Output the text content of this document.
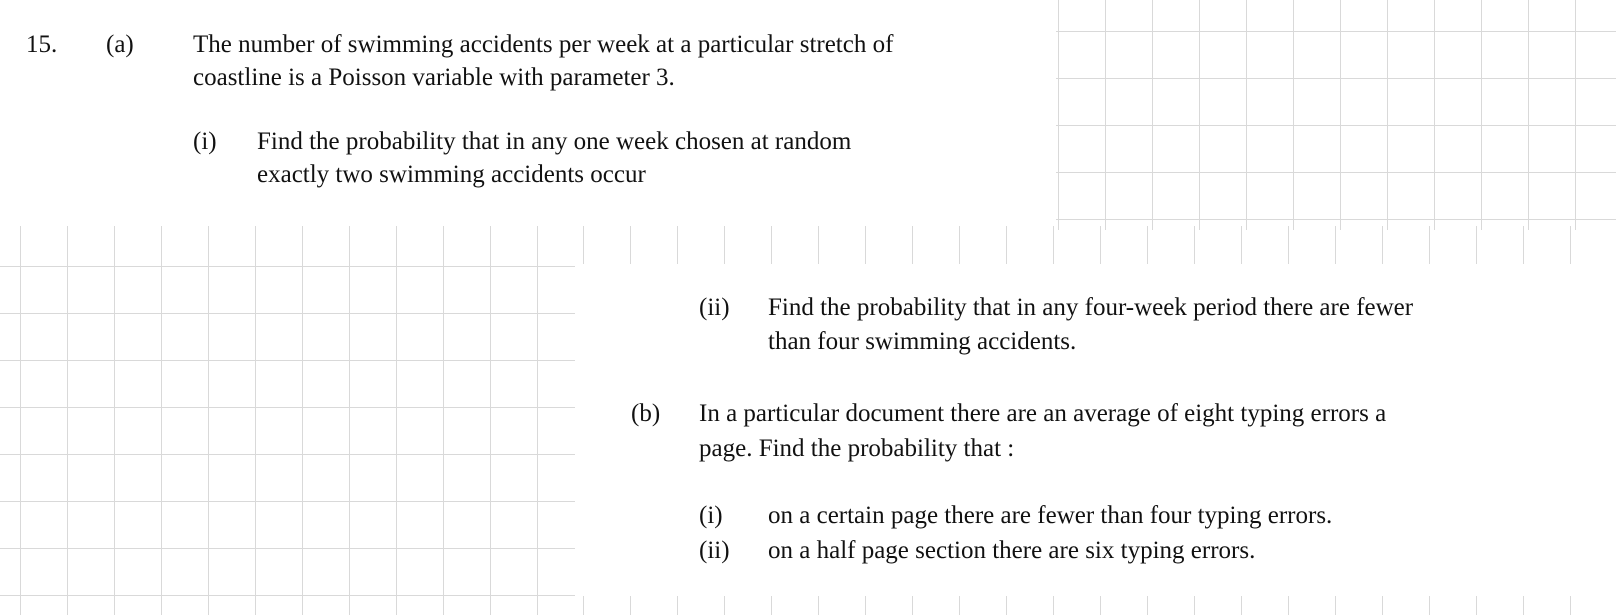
15. (a) The number of swimming accidents per week at a particular stretch of
coastline is a Poisson variable with parameter 3.
(i) Find the probability that in any one week chosen at random
exactly two swimming accidents occur
(ii) Find the probability that in any four-week period there are fewer
than four swimming accidents.
(b) In a particular document there are an average of eight typing errors a
page. Find the probability that :
(i) on a certain page there are fewer than four typing errors.
(ii) on a half page section there are six typing errors.
